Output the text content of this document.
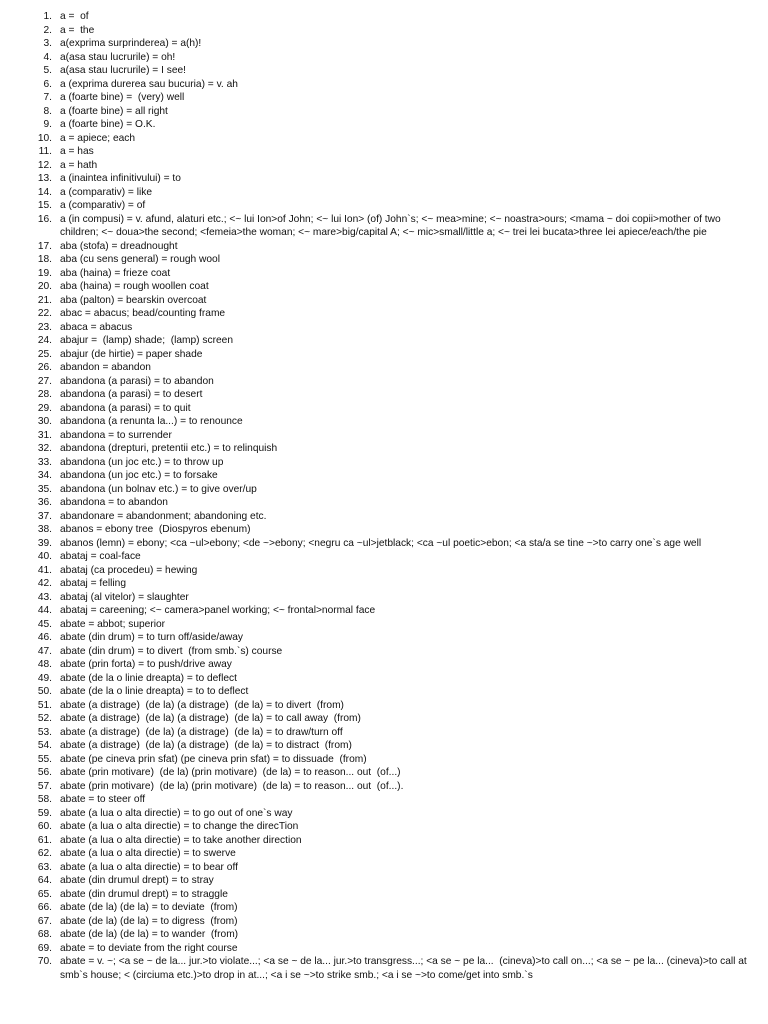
1. a =  of
2. a =  the
3. a(exprima surprinderea) = a(h)!
4. a(asa stau lucrurile) = oh!
5. a(asa stau lucrurile) = I see!
6. a (exprima durerea sau bucuria) = v. ah
7. a (foarte bine) =  (very) well
8. a (foarte bine) = all right
9. a (foarte bine) = O.K.
10. a = apiece; each
11. a = has
12. a = hath
13. a (inaintea infinitivului) = to
14. a (comparativ) = like
15. a (comparativ) = of
16. a (in compusi) = v. afund, alaturi etc.; <~ lui Ion>of John; <~ lui Ion> (of) John`s; <~ mea>mine; <~ noastra>ours; <mama ~ doi copii>mother of two children; <~ doua>the second; <femeia>the woman; <~ mare>big/capital A; <~ mic>small/little a; <~ trei lei bucata>three lei apiece/each/the pie
17. aba (stofa) = dreadnought
18. aba (cu sens general) = rough wool
19. aba (haina) = frieze coat
20. aba (haina) = rough woollen coat
21. aba (palton) = bearskin overcoat
22. abac = abacus; bead/counting frame
23. abaca = abacus
24. abajur =  (lamp) shade;  (lamp) screen
25. abajur (de hirtie) = paper shade
26. abandon = abandon
27. abandona (a parasi) = to abandon
28. abandona (a parasi) = to desert
29. abandona (a parasi) = to quit
30. abandona (a renunta la...) = to renounce
31. abandona = to surrender
32. abandona (drepturi, pretentii etc.) = to relinquish
33. abandona (un joc etc.) = to throw up
34. abandona (un joc etc.) = to forsake
35. abandona (un bolnav etc.) = to give over/up
36. abandona = to abandon
37. abandonare = abandonment; abandoning etc.
38. abanos = ebony tree  (Diospyros ebenum)
39. abanos (lemn) = ebony; <ca ~ul>ebony; <de ~>ebony; <negru ca ~ul>jetblack; <ca ~ul poetic>ebon; <a sta/a se tine ~>to carry one`s age well
40. abataj = coal-face
41. abataj (ca procedeu) = hewing
42. abataj = felling
43. abataj (al vitelor) = slaughter
44. abataj = careening; <~ camera>panel working; <~ frontal>normal face
45. abate = abbot; superior
46. abate (din drum) = to turn off/aside/away
47. abate (din drum) = to divert  (from smb.`s) course
48. abate (prin forta) = to push/drive away
49. abate (de la o linie dreapta) = to deflect
50. abate (de la o linie dreapta) = to to deflect
51. abate (a distrage)  (de la) (a distrage)  (de la) = to divert  (from)
52. abate (a distrage)  (de la) (a distrage)  (de la) = to call away  (from)
53. abate (a distrage)  (de la) (a distrage)  (de la) = to draw/turn off
54. abate (a distrage)  (de la) (a distrage)  (de la) = to distract  (from)
55. abate (pe cineva prin sfat) (pe cineva prin sfat) = to dissuade  (from)
56. abate (prin motivare)  (de la) (prin motivare)  (de la) = to reason... out  (of...)
57. abate (prin motivare)  (de la) (prin motivare)  (de la) = to reason... out  (of...).
58. abate = to steer off
59. abate (a lua o alta directie) = to go out of one`s way
60. abate (a lua o alta directie) = to change the direcTion
61. abate (a lua o alta directie) = to take another direction
62. abate (a lua o alta directie) = to swerve
63. abate (a lua o alta directie) = to bear off
64. abate (din drumul drept) = to stray
65. abate (din drumul drept) = to straggle
66. abate (de la) (de la) = to deviate  (from)
67. abate (de la) (de la) = to digress  (from)
68. abate (de la) (de la) = to wander  (from)
69. abate = to deviate from the right course
70. abate = v. ~; <a se ~ de la... jur.>to violate...; <a se ~ de la... jur.>to transgress...; <a se ~ pe la...  (cineva)>to call on...; <a se ~ pe la... (cineva)>to call at smb`s house; < (circiuma etc.)>to drop in at...; <a i se ~>to strike smb.; <a i se ~>to come/get into smb.`s
